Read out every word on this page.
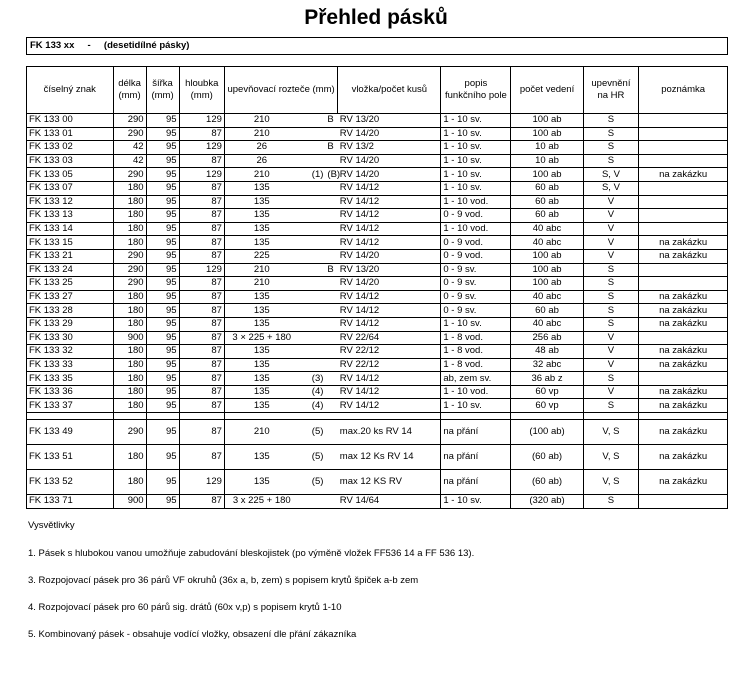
Přehled pásků
FK 133 xx     -     (desetidílné pásky)
číselný znak	délka (mm)	šířka (mm)	hloubka (mm)	upevňovací rozteče (mm)			vložka/počet kusů	popis funkčního pole	počet vedení	upevnění na HR	poznámka
FK 133 00	290	95	129	210		B	RV 13/20	1 - 10 sv.	100 ab	S	
FK 133 01	290	95	87	210			RV 14/20	1 - 10 sv.	100 ab	S	
FK 133 02	42	95	129	26		B	RV 13/2	1 - 10 sv.	10 ab	S	
FK 133 03	42	95	87	26			RV 14/20	1 - 10 sv.	10 ab	S	
FK 133 05	290	95	129	210	(1)	(B)	RV 14/20	1 - 10 sv.	100 ab	S, V	na zakázku
FK 133 07	180	95	87	135			RV 14/12	1 - 10 sv.	60 ab	S, V	
FK 133 12	180	95	87	135			RV 14/12	1 - 10 vod.	60 ab	V	
FK 133 13	180	95	87	135			RV 14/12	0 - 9 vod.	60 ab	V	
FK 133 14	180	95	87	135			RV 14/12	1 - 10 vod.	40 abc	V	
FK 133 15	180	95	87	135			RV 14/12	0 - 9 vod.	40 abc	V	na zakázku
FK 133 21	290	95	87	225			RV 14/20	0 - 9 vod.	100 ab	V	na zakázku
FK 133 24	290	95	129	210		B	RV 13/20	0 - 9 sv.	100 ab	S	
FK 133 25	290	95	87	210			RV 14/20	0 - 9 sv.	100 ab	S	
FK 133 27	180	95	87	135			RV 14/12	0 - 9 sv.	40 abc	S	na zakázku
FK 133 28	180	95	87	135			RV 14/12	0 - 9 sv.	60 ab	S	na zakázku
FK 133 29	180	95	87	135			RV 14/12	1 - 10 sv.	40 abc	S	na zakázku
FK 133 30	900	95	87	3 × 225 + 180			RV 22/64	1 - 8 vod.	256 ab	V	
FK 133 32	180	95	87	135			RV 22/12	1 - 8 vod.	48 ab	V	na zakázku
FK 133 33	180	95	87	135			RV 22/12	1 - 8 vod.	32 abc	V	na zakázku
FK 133 35	180	95	87	135	(3)		RV 14/12	ab, zem sv.	36 ab z	S	
FK 133 36	180	95	87	135	(4)		RV 14/12	1 - 10 vod.	60 vp	V	na zakázku
FK 133 37	180	95	87	135	(4)		RV 14/12	1 - 10 sv.	60 vp	S	na zakázku

FK 133 49	290	95	87	210	(5)		max.20 ks RV 14	na přání	(100 ab)	V, S	na zakázku
FK 133 51	180	95	87	135	(5)		max 12 Ks RV 14	na přání	(60 ab)	V, S	na zakázku
FK 133 52	180	95	129	135	(5)		max 12 KS RV	na přání	(60 ab)	V, S	na zakázku
FK 133 71	900	95	87	3 x 225 + 180			RV 14/64	1 - 10 sv.	(320 ab)	S	
Vysvětlivky
1. Pásek s hlubokou vanou umožňuje zabudování bleskojistek (po výměně vložek FF536 14 a FF 536 13).
3. Rozpojovací pásek pro 36 párů VF okruhů (36x a, b, zem) s popisem krytů špiček a-b zem
4. Rozpojovací pásek pro 60 párů sig. drátů (60x v,p) s popisem krytů 1-10
5. Kombinovaný pásek - obsahuje vodící vložky, obsazení dle přání zákazníka
